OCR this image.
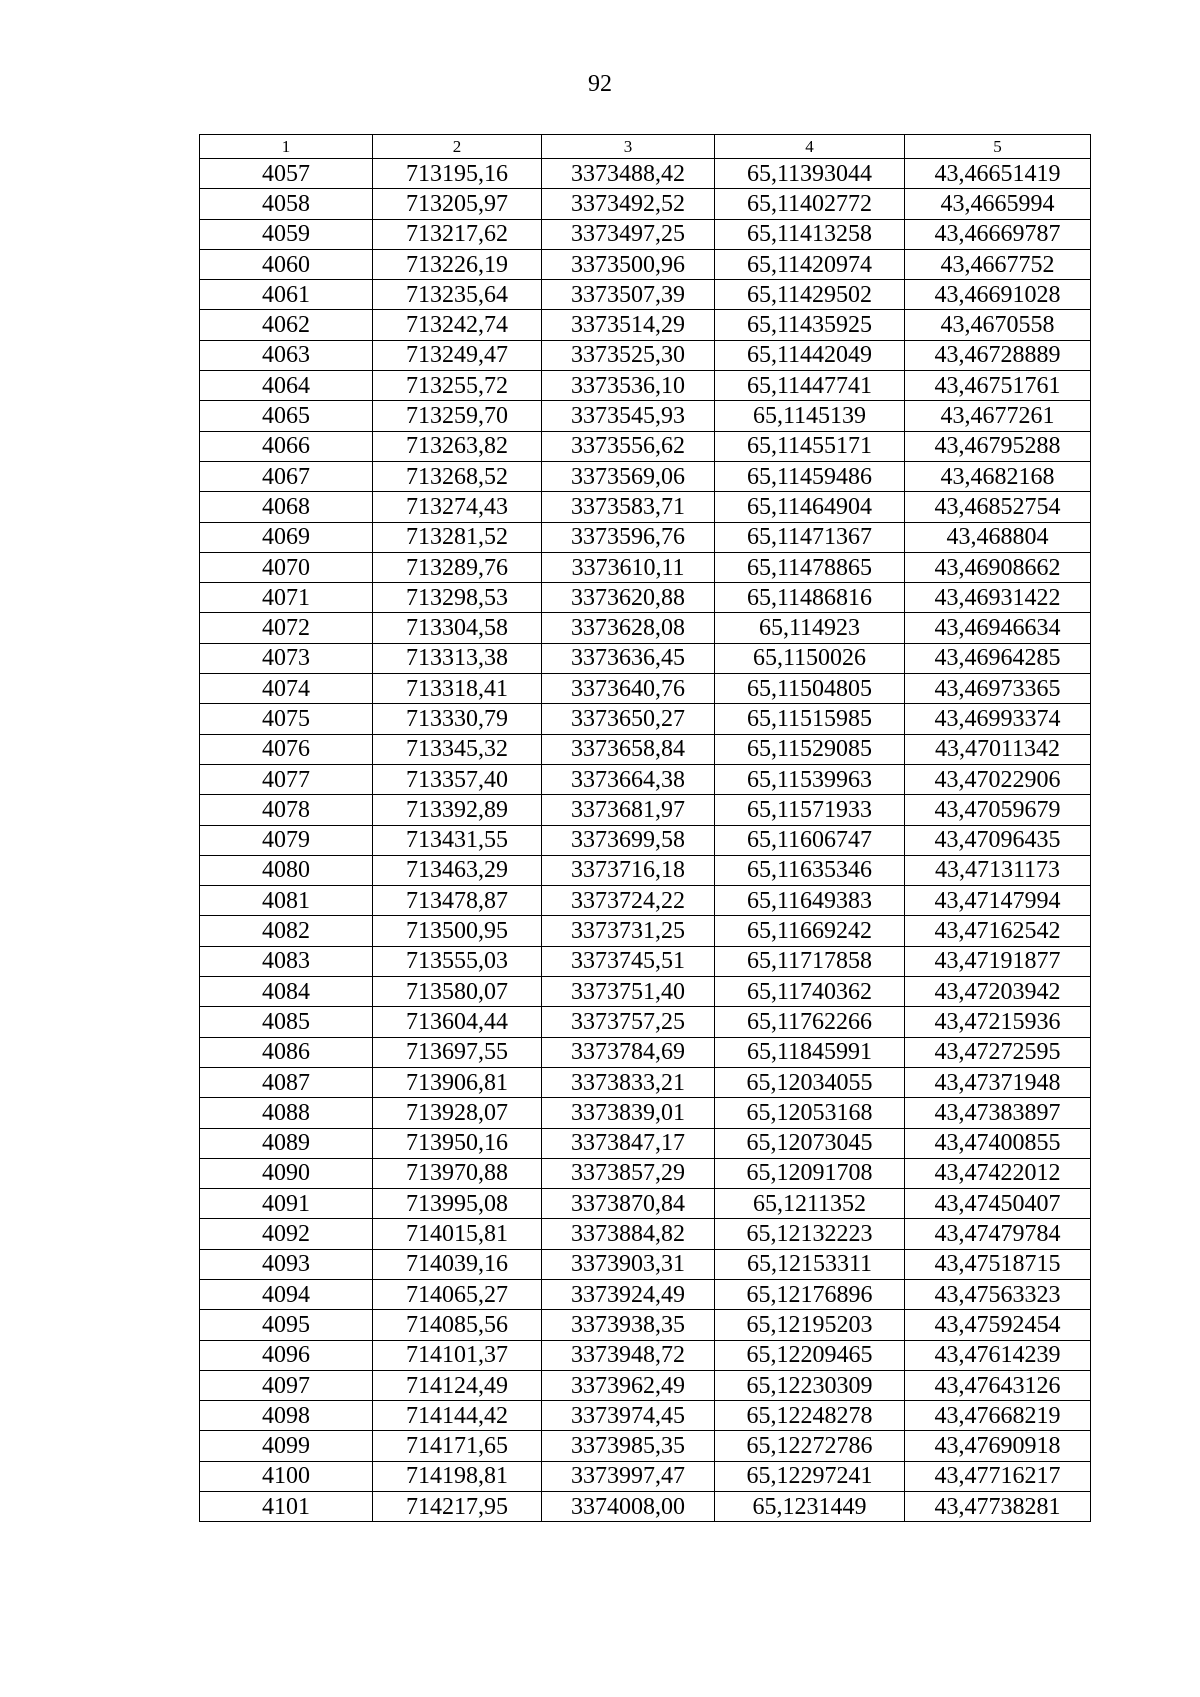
92
1	2	3	4	5
4057	713195,16	3373488,42	65,11393044	43,46651419
4058	713205,97	3373492,52	65,11402772	43,4665994
4059	713217,62	3373497,25	65,11413258	43,46669787
4060	713226,19	3373500,96	65,11420974	43,4667752
4061	713235,64	3373507,39	65,11429502	43,46691028
4062	713242,74	3373514,29	65,11435925	43,4670558
4063	713249,47	3373525,30	65,11442049	43,46728889
4064	713255,72	3373536,10	65,11447741	43,46751761
4065	713259,70	3373545,93	65,1145139	43,4677261
4066	713263,82	3373556,62	65,11455171	43,46795288
4067	713268,52	3373569,06	65,11459486	43,4682168
4068	713274,43	3373583,71	65,11464904	43,46852754
4069	713281,52	3373596,76	65,11471367	43,468804
4070	713289,76	3373610,11	65,11478865	43,46908662
4071	713298,53	3373620,88	65,11486816	43,46931422
4072	713304,58	3373628,08	65,114923	43,46946634
4073	713313,38	3373636,45	65,1150026	43,46964285
4074	713318,41	3373640,76	65,11504805	43,46973365
4075	713330,79	3373650,27	65,11515985	43,46993374
4076	713345,32	3373658,84	65,11529085	43,47011342
4077	713357,40	3373664,38	65,11539963	43,47022906
4078	713392,89	3373681,97	65,11571933	43,47059679
4079	713431,55	3373699,58	65,11606747	43,47096435
4080	713463,29	3373716,18	65,11635346	43,47131173
4081	713478,87	3373724,22	65,11649383	43,47147994
4082	713500,95	3373731,25	65,11669242	43,47162542
4083	713555,03	3373745,51	65,11717858	43,47191877
4084	713580,07	3373751,40	65,11740362	43,47203942
4085	713604,44	3373757,25	65,11762266	43,47215936
4086	713697,55	3373784,69	65,11845991	43,47272595
4087	713906,81	3373833,21	65,12034055	43,47371948
4088	713928,07	3373839,01	65,12053168	43,47383897
4089	713950,16	3373847,17	65,12073045	43,47400855
4090	713970,88	3373857,29	65,12091708	43,47422012
4091	713995,08	3373870,84	65,1211352	43,47450407
4092	714015,81	3373884,82	65,12132223	43,47479784
4093	714039,16	3373903,31	65,12153311	43,47518715
4094	714065,27	3373924,49	65,12176896	43,47563323
4095	714085,56	3373938,35	65,12195203	43,47592454
4096	714101,37	3373948,72	65,12209465	43,47614239
4097	714124,49	3373962,49	65,12230309	43,47643126
4098	714144,42	3373974,45	65,12248278	43,47668219
4099	714171,65	3373985,35	65,12272786	43,47690918
4100	714198,81	3373997,47	65,12297241	43,47716217
4101	714217,95	3374008,00	65,1231449	43,47738281
